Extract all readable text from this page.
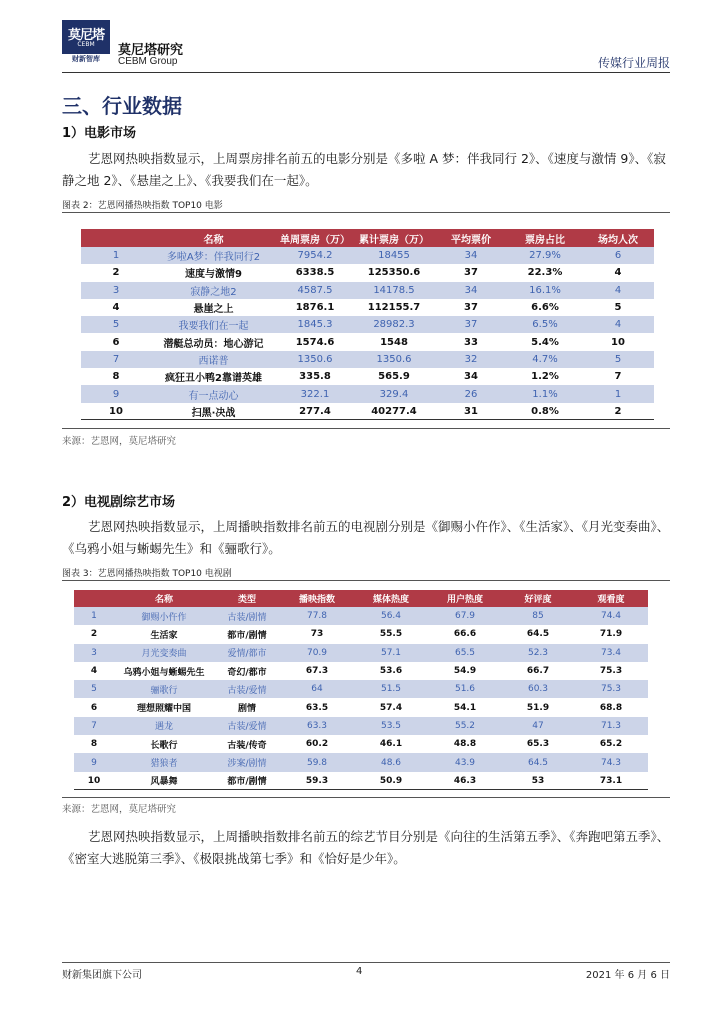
莫尼塔
CEBM
财新智库
莫尼塔研究
CEBM Group	传媒行业周报
三、行业数据
1）电影市场
艺恩网热映指数显示，上周票房排名前五的电影分别是《多啦 A 梦：伴我同行 2》、《速度与激情 9》、《寂静之地 2》、《悬崖之上》、《我要我们在一起》。
图表 2：艺恩网播热映指数 TOP10 电影
	名称	单周票房（万）	累计票房（万）	平均票价	票房占比	场均人次
1	多啦A梦：伴我同行2	7954.2	18455	34	27.9%	6
2	速度与激情9	6338.5	125350.6	37	22.3%	4
3	寂静之地2	4587.5	14178.5	34	16.1%	4
4	悬崖之上	1876.1	112155.7	37	6.6%	5
5	我要我们在一起	1845.3	28982.3	37	6.5%	4
6	潜艇总动员：地心游记	1574.6	1548	33	5.4%	10
7	西诺普	1350.6	1350.6	32	4.7%	5
8	疯狂丑小鸭2靠谱英雄	335.8	565.9	34	1.2%	7
9	有一点动心	322.1	329.4	26	1.1%	1
10	扫黑·决战	277.4	40277.4	31	0.8%	2
来源：艺恩网，莫尼塔研究
2）电视剧综艺市场
艺恩网热映指数显示，上周播映指数排名前五的电视剧分别是《御赐小仵作》、《生活家》、《月光变奏曲》、《乌鸦小姐与蜥蜴先生》和《骊歌行》。
图表 3：艺恩网播热映指数 TOP10 电视剧
	名称	类型	播映指数	媒体热度	用户热度	好评度	观看度
1	御赐小仵作	古装/剧情	77.8	56.4	67.9	85	74.4
2	生活家	都市/剧情	73	55.5	66.6	64.5	71.9
3	月光变奏曲	爱情/都市	70.9	57.1	65.5	52.3	73.4
4	乌鸦小姐与蜥蜴先生	奇幻/都市	67.3	53.6	54.9	66.7	75.3
5	骊歌行	古装/爱情	64	51.5	51.6	60.3	75.3
6	理想照耀中国	剧情	63.5	57.4	54.1	51.9	68.8
7	遇龙	古装/爱情	63.3	53.5	55.2	47	71.3
8	长歌行	古装/传奇	60.2	46.1	48.8	65.3	65.2
9	猎狼者	涉案/剧情	59.8	48.6	43.9	64.5	74.3
10	风暴舞	都市/剧情	59.3	50.9	46.3	53	73.1
来源：艺恩网，莫尼塔研究
艺恩网热映指数显示，上周播映指数排名前五的综艺节目分别是《向往的生活第五季》、《奔跑吧第五季》、《密室大逃脱第三季》、《极限挑战第七季》和《恰好是少年》。
财新集团旗下公司	4	2021 年 6 月 6 日
